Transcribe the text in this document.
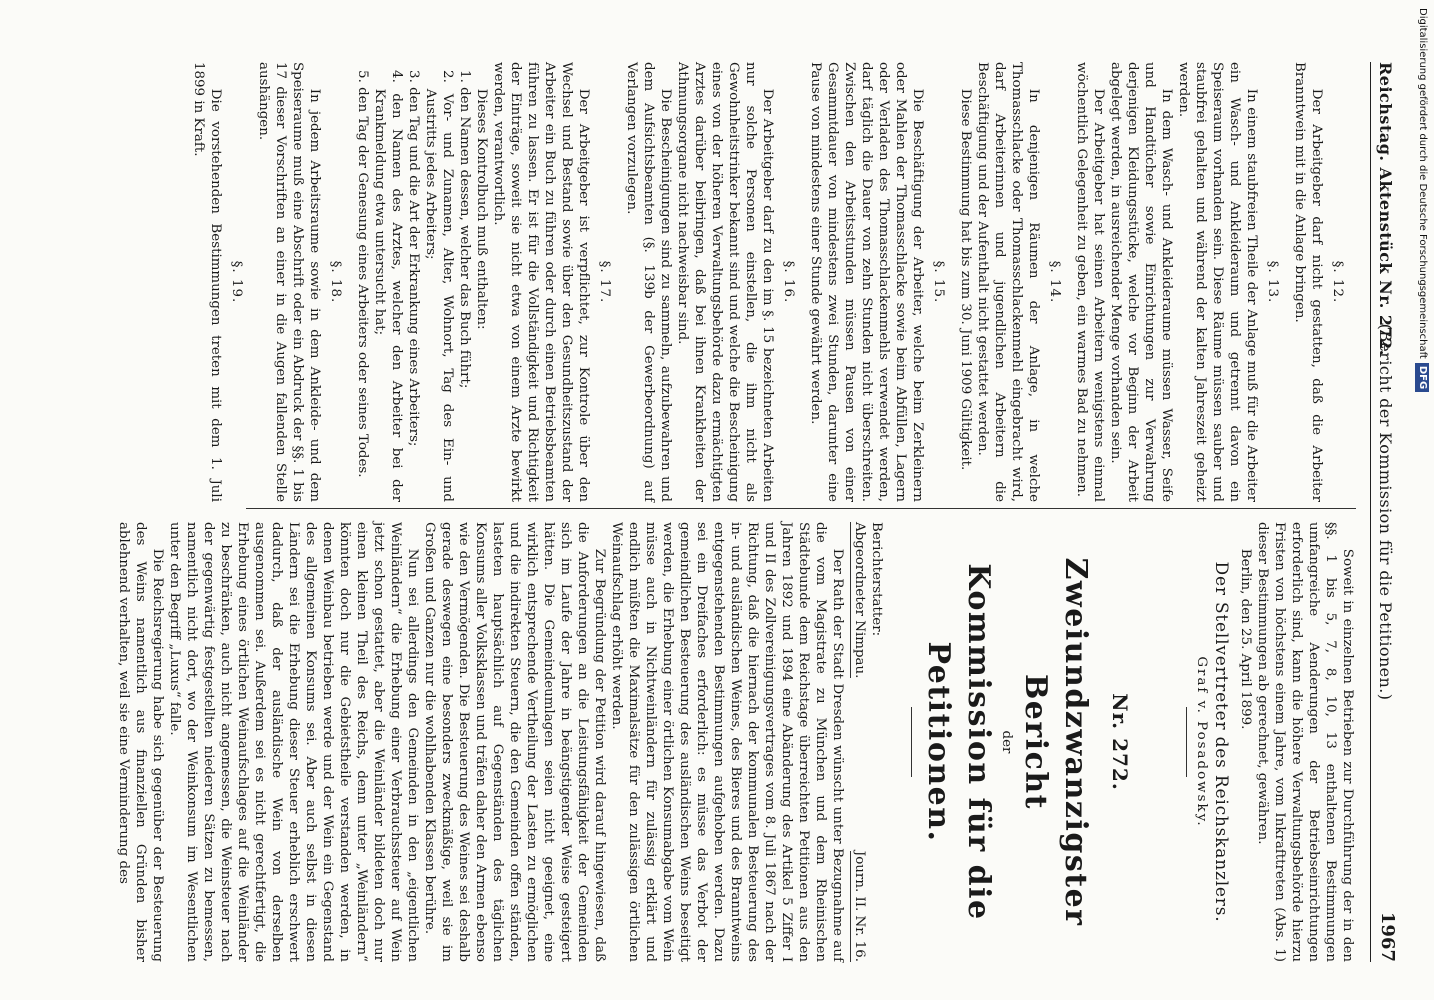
Reichstag. Aktenstück Nr. 272.
(Bericht der Kommission für die Petitionen.)
1967

§. 12.

Der Arbeitgeber darf nicht gestatten, daß die Arbeiter Branntwein mit in die Anlage bringen.

§. 13.

In einem staubfreien Theile der Anlage muß für die Arbeiter ein Wasch- und Ankleideraum und getrennt davon ein Speiseraum vorhanden sein. Diese Räume müssen sauber und staubfrei gehalten und während der kalten Jahreszeit geheizt werden.

In dem Wasch- und Ankleideraume müssen Wasser, Seife und Handtücher sowie Einrichtungen zur Verwahrung derjenigen Kleidungsstücke, welche vor Beginn der Arbeit abgelegt werden, in ausreichender Menge vorhanden sein.

Der Arbeitgeber hat seinen Arbeitern wenigstens einmal wöchentlich Gelegenheit zu geben, ein warmes Bad zu nehmen.

§. 14.

In denjenigen Räumen der Anlage, in welche Thomasschlacke oder Thomasschlackenmehl eingebracht wird, darf Arbeiterinnen und jugendlichen Arbeitern die Beschäftigung und der Aufenthalt nicht gestattet werden.

Diese Bestimmung hat bis zum 30. Juni 1909 Gültigkeit.

§. 15.

Die Beschäftigung der Arbeiter, welche beim Zerkleinern oder Mahlen der Thomasschlacke sowie beim Abfüllen, Lagern oder Verladen des Thomasschlackenmehls verwendet werden, darf täglich die Dauer von zehn Stunden nicht überschreiten. Zwischen den Arbeitsstunden müssen Pausen von einer Gesammtdauer von mindestens zwei Stunden, darunter eine Pause von mindestens einer Stunde gewährt werden.

§. 16.

Der Arbeitgeber darf zu den im §. 15 bezeichneten Arbeiten nur solche Personen einstellen, die ihm nicht als Gewohnheitstrinker bekannt sind und welche die Bescheinigung eines von der höheren Verwaltungsbehörde dazu ermächtigten Arztes darüber beibringen, daß bei ihnen Krankheiten der Athmungsorgane nicht nachweisbar sind.

Die Bescheinigungen sind zu sammeln, aufzubewahren und dem Aufsichtsbeamten (§. 139b der Gewerbeordnung) auf Verlangen vorzulegen.

§. 17.

Der Arbeitgeber ist verpflichtet, zur Kontrole über den Wechsel und Bestand sowie über den Gesundheitszustand der Arbeiter ein Buch zu führen oder durch einen Betriebsbeamten führen zu lassen. Er ist für die Vollständigkeit und Richtigkeit der Einträge, soweit sie nicht etwa von einem Arzte bewirkt werden, verantwortlich.

Dieses Kontrolbuch muß enthalten:

1. den Namen dessen, welcher das Buch führt;

2. Vor- und Zunamen, Alter, Wohnort, Tag des Ein- und Austritts jedes Arbeiters;

3. den Tag und die Art der Erkrankung eines Arbeiters;

4. den Namen des Arztes, welcher den Arbeiter bei der Krankmeldung etwa untersucht hat;

5. den Tag der Genesung eines Arbeiters oder seines Todes.

§. 18.

In jedem Arbeitsraume sowie in dem Ankleide- und dem Speiseraume muß eine Abschrift oder ein Abdruck der §§. 1 bis 17 dieser Vorschriften an einer in die Augen fallenden Stelle aushängen.

§. 19.

Die vorstehenden Bestimmungen treten mit dem 1. Juli 1899 in Kraft.

Soweit in einzelnen Betrieben zur Durchführung der in den §§. 1 bis 5, 7, 8, 10, 13 enthaltenen Bestimmungen umfangreiche Aenderungen der Betriebseinrichtungen erforderlich sind, kann die höhere Verwaltungsbehörde hierzu Fristen von höchstens einem Jahre, vom Inkrafttreten (Abs. 1) dieser Bestimmungen ab gerechnet, gewähren.

Berlin, den 25. April 1899.

Der Stellvertreter des Reichskanzlers.

Graf v. Posadowsky.

Nr. 272.

Zweiundzwanzigster Bericht

der

Kommission für die Petitionen.

Berichterstatter:
Abgeordneter Nimpau.
Journ. II. Nr. 16.

Der Rath der Stadt Dresden wünscht unter Bezugnahme auf die vom Magistrate zu München und dem Rheinischen Städtebunde dem Reichstage überreichten Petitionen aus den Jahren 1892 und 1894 eine Abänderung des Artikel 5 Ziffer I und II des Zollvereinigungsvertrages vom 8. Juli 1867 nach der Richtung, daß die hiernach der kommunalen Besteuerung des in- und ausländischen Weines, des Bieres und des Branntweins entgegenstehenden Bestimmungen aufgehoben werden. Dazu sei ein Dreifaches erforderlich: es müsse das Verbot der gemeindlichen Besteuerung des ausländischen Weins beseitigt werden, die Erhebung einer örtlichen Konsumabgabe vom Wein müsse auch in Nichtweinländern für zulässig erklärt und endlich müßten die Maximalsätze für den zulässigen örtlichen Weinaufschlag erhöht werden.

Zur Begründung der Petition wird darauf hingewiesen, daß die Anforderungen an die Leistungsfähigkeit der Gemeinden sich im Laufe der Jahre in beängstigender Weise gesteigert hätten. Die Gemeindeumlagen seien nicht geeignet, eine wirklich entsprechende Vertheilung der Lasten zu ermöglichen und die indirekten Steuern, die den Gemeinden offen ständen, lasteten hauptsächlich auf Gegenständen des täglichen Konsums aller Volksklassen und träfen daher den Armen ebenso wie den Vermögenden. Die Besteuerung des Weines sei deshalb gerade deswegen eine besonders zweckmäßige, weil sie im Großen und Ganzen nur die wohlhabenden Klassen berühre.

Nun sei allerdings den Gemeinden in den „eigentlichen Weinländern“ die Erhebung einer Verbrauchssteuer auf Wein jetzt schon gestattet, aber die Weinländer bildeten doch nur einen kleinen Theil des Reichs, denn unter „Weinländern“ könnten doch nur die Gebietstheile verstanden werden, in denen Weinbau betrieben werde und der Wein ein Gegenstand des allgemeinen Konsums sei. Aber auch selbst in diesen Ländern sei die Erhebung dieser Steuer erheblich erschwert dadurch, daß der ausländische Wein von derselben ausgenommen sei. Außerdem sei es nicht gerechtfertigt, die Erhebung eines örtlichen Weinaufschlages auf die Weinländer zu beschränken, auch nicht angemessen, die Weinsteuer nach der gegenwärtig festgestellten niederen Sätzen zu bemessen, namentlich nicht dort, wo der Weinkonsum im Wesentlichen unter den Begriff „Luxus“ falle.

Die Reichsregierung habe sich gegenüber der Besteuerung des Weins namentlich aus finanziellen Gründen bisher ablehnend verhalten, weil sie eine Verminderung des

Digitalisierung gefördert durch die Deutsche ForschungsgemeinschaftDFG
